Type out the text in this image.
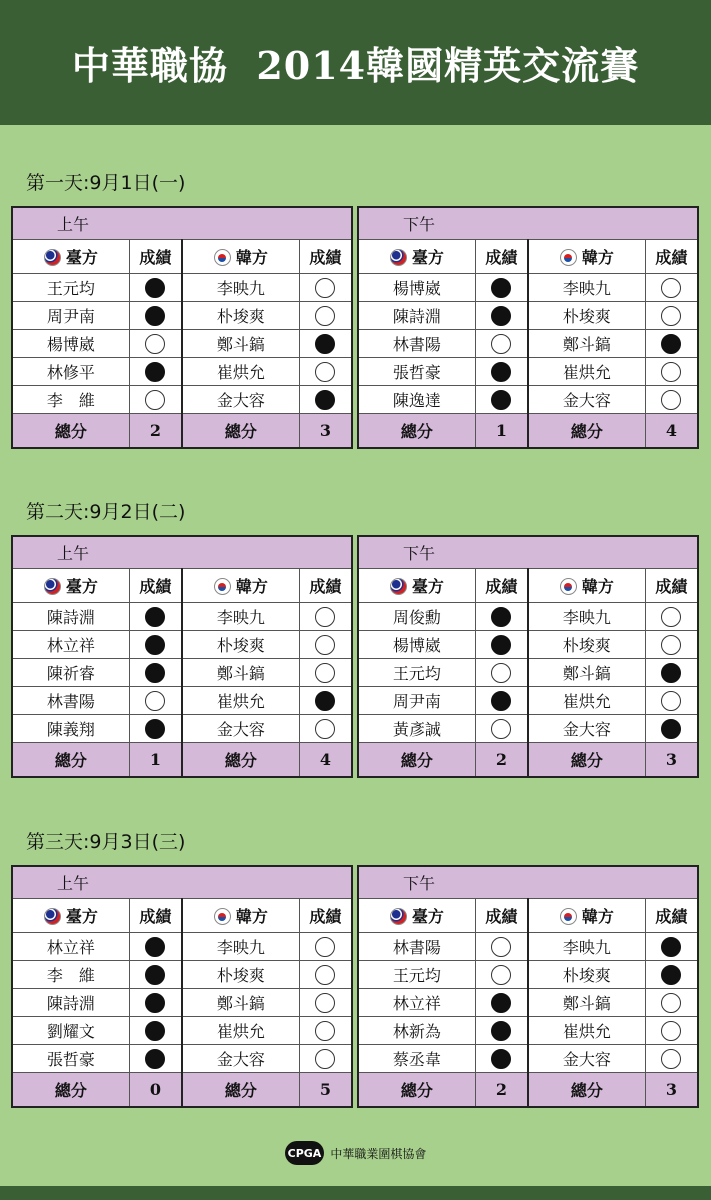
中華職協  2014韓國精英交流賽
第一天:9月1日(一)
上午			
臺方	成績	韓方	成績
王元均		李映九	
周尹南		朴埈爽	
楊博崴		鄭斗鎬	
林修平		崔烘允	
李　維		金大容	
總分	2	總分	3
下午			
臺方	成績	韓方	成績
楊博崴		李映九	
陳詩淵		朴埈爽	
林書陽		鄭斗鎬	
張哲豪		崔烘允	
陳逸達		金大容	
總分	1	總分	4
第二天:9月2日(二)
上午			
臺方	成績	韓方	成績
陳詩淵		李映九	
林立祥		朴埈爽	
陳祈睿		鄭斗鎬	
林書陽		崔烘允	
陳義翔		金大容	
總分	1	總分	4
下午			
臺方	成績	韓方	成績
周俊勳		李映九	
楊博崴		朴埈爽	
王元均		鄭斗鎬	
周尹南		崔烘允	
黃彥誠		金大容	
總分	2	總分	3
第三天:9月3日(三)
上午			
臺方	成績	韓方	成績
林立祥		李映九	
李　維		朴埈爽	
陳詩淵		鄭斗鎬	
劉耀文		崔烘允	
張哲豪		金大容	
總分	0	總分	5
下午			
臺方	成績	韓方	成績
林書陽		李映九	
王元均		朴埈爽	
林立祥		鄭斗鎬	
林新為		崔烘允	
蔡丞韋		金大容	
總分	2	總分	3
CPGA 中華職業圍棋協會
